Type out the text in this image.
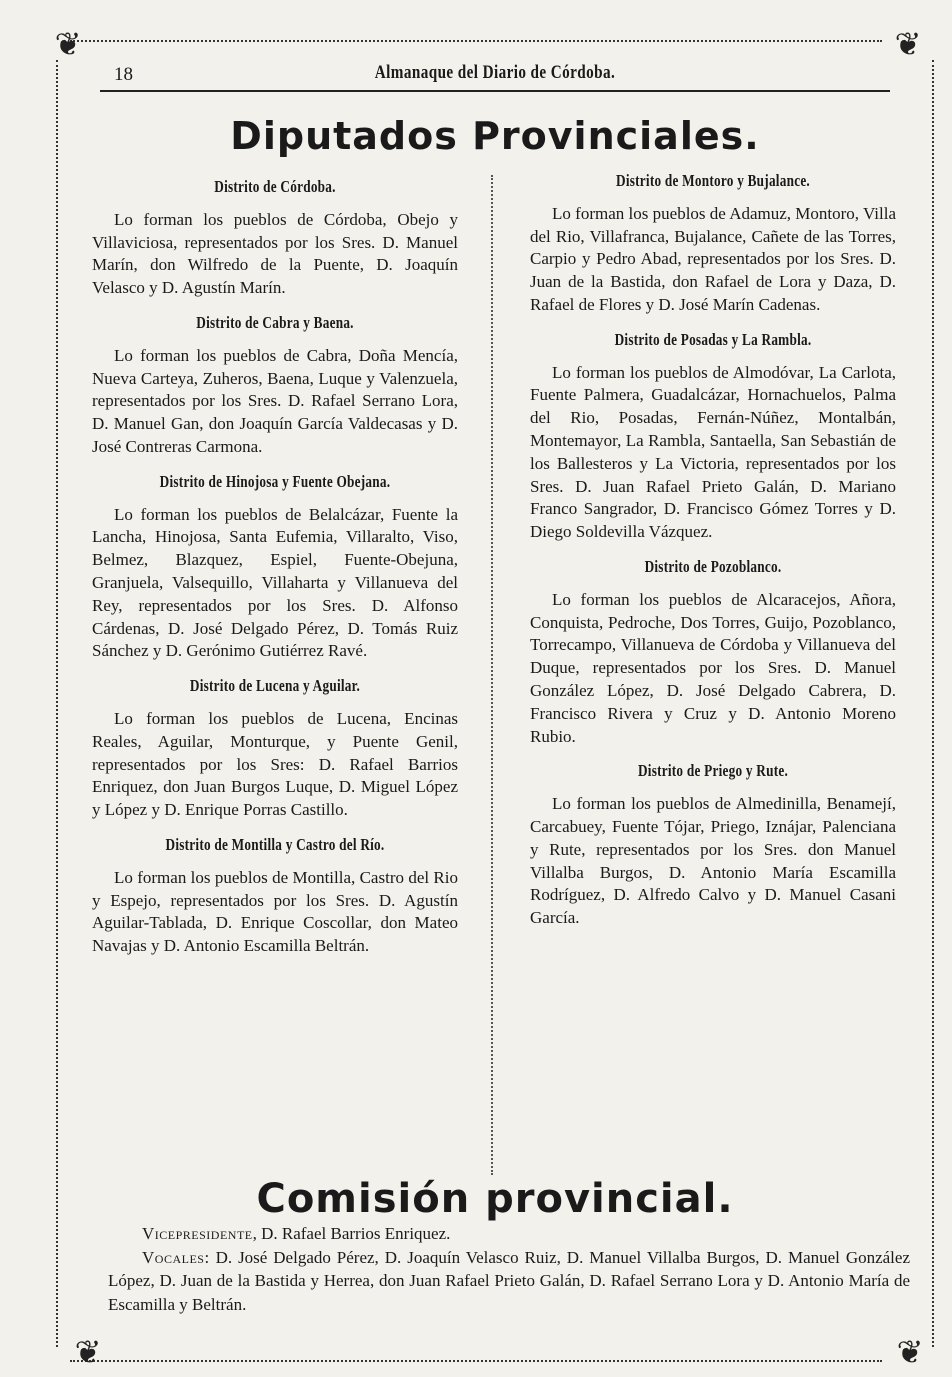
❦	❦
❦	❦
18	Almanaque del Diario de Córdoba.
Diputados Provinciales.
Distrito de Córdoba.

Lo forman los pueblos de Córdoba, Obejo y Villaviciosa, representados por los Sres. D. Manuel Marín, don Wilfredo de la Puente, D. Joaquín Velasco y D. Agustín Marín.

Distrito de Cabra y Baena.

Lo forman los pueblos de Cabra, Doña Mencía, Nueva Carteya, Zuheros, Baena, Luque y Valenzuela, representados por los Sres. D. Rafael Serrano Lora, D. Manuel Gan, don Joaquín García Valdecasas y D. José Contreras Carmona.

Distrito de Hinojosa y Fuente Obejana.

Lo forman los pueblos de Belalcázar, Fuente la Lancha, Hinojosa, Santa Eufemia, Villaralto, Viso, Belmez, Blazquez, Espiel, Fuente-Obejuna, Granjuela, Valsequillo, Villaharta y Villanueva del Rey, representados por los Sres. D. Alfonso Cárdenas, D. José Delgado Pérez, D. Tomás Ruiz Sánchez y D. Gerónimo Gutiérrez Ravé.

Distrito de Lucena y Aguilar.

Lo forman los pueblos de Lucena, Encinas Reales, Aguilar, Monturque, y Puente Genil, representados por los Sres: D. Rafael Barrios Enriquez, don Juan Burgos Luque, D. Miguel López y López y D. Enrique Porras Castillo.

Distrito de Montilla y Castro del Río.

Lo forman los pueblos de Montilla, Castro del Rio y Espejo, representados por los Sres. D. Agustín Aguilar-Tablada, D. Enrique Coscollar, don Mateo Navajas y D. Antonio Escamilla Beltrán.

Distrito de Montoro y Bujalance.

Lo forman los pueblos de Adamuz, Montoro, Villa del Rio, Villafranca, Bujalance, Cañete de las Torres, Carpio y Pedro Abad, representados por los Sres. D. Juan de la Bastida, don Rafael de Lora y Daza, D. Rafael de Flores y D. José Marín Cadenas.

Distrito de Posadas y La Rambla.

Lo forman los pueblos de Almodóvar, La Carlota, Fuente Palmera, Guadalcázar, Hornachuelos, Palma del Rio, Posadas, Fernán-Núñez, Montalbán, Montemayor, La Rambla, Santaella, San Sebastián de los Ballesteros y La Victoria, representados por los Sres. D. Juan Rafael Prieto Galán, D. Mariano Franco Sangrador, D. Francisco Gómez Torres y D. Diego Soldevilla Vázquez.

Distrito de Pozoblanco.

Lo forman los pueblos de Alcaracejos, Añora, Conquista, Pedroche, Dos Torres, Guijo, Pozoblanco, Torrecampo, Villanueva de Córdoba y Villanueva del Duque, representados por los Sres. D. Manuel González López, D. José Delgado Cabrera, D. Francisco Rivera y Cruz y D. Antonio Moreno Rubio.

Distrito de Priego y Rute.

Lo forman los pueblos de Almedinilla, Benamejí, Carcabuey, Fuente Tójar, Priego, Iznájar, Palenciana y Rute, representados por los Sres. don Manuel Villalba Burgos, D. Antonio María Escamilla Rodríguez, D. Alfredo Calvo y D. Manuel Casani García.

Comisión provincial.

Vicepresidente, D. Rafael Barrios Enriquez.

Vocales: D. José Delgado Pérez, D. Joaquín Velasco Ruiz, D. Manuel Villalba Burgos, D. Manuel González López, D. Juan de la Bastida y Herrea, don Juan Rafael Prieto Galán, D. Rafael Serrano Lora y D. Antonio María de Escamilla y Beltrán.
